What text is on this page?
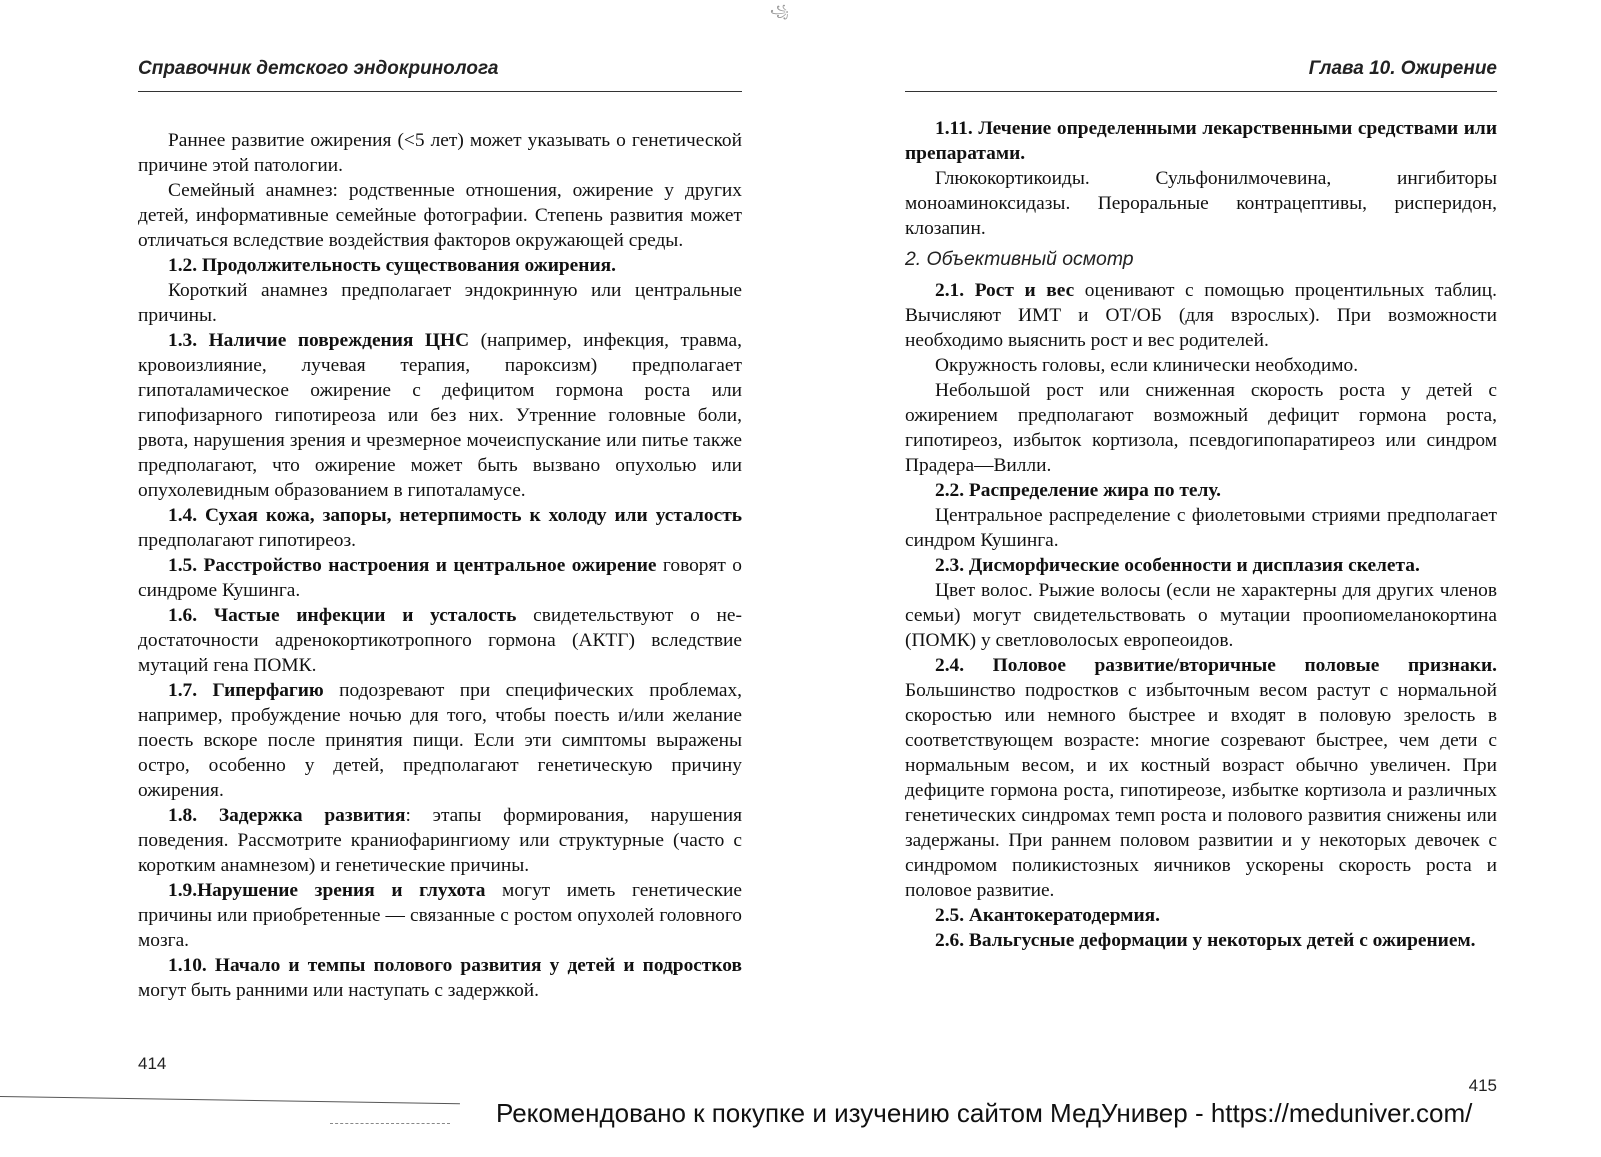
꧁
Справочник детского эндокринолога

Раннее развитие ожирения (<5 лет) может указывать о генетической причине этой патологии.

Семейный анамнез: родственные отношения, ожирение у других детей, информативные семейные фотографии. Степень развития может отличаться вследствие воздействия факторов окружающей среды.

1.2. Продолжительность существования ожирения.

Короткий анамнез предполагает эндокринную или центральные причины.

1.3. Наличие повреждения ЦНС (например, инфекция, травма, кровоизлияние, лучевая терапия, пароксизм) предполагает гипоталамическое ожирение с дефицитом гормона роста или гипофизарного гипотиреоза или без них. Утренние головные боли, рвота, нарушения зрения и чрезмерное мочеиспускание или питье также предполагают, что ожирение может быть вызвано опухолью или опухолевидным образованием в гипоталамусе.

1.4. Сухая кожа, запоры, нетерпимость к холоду или усталость предполагают гипотиреоз.

1.5. Расстройство настроения и центральное ожирение говорят о синдроме Кушинга.

1.6. Частые инфекции и усталость свидетельствуют о недостаточности адренокортикотропного гормона (АКТГ) вследствие мутаций гена ПОМК.

1.7. Гиперфагию подозревают при специфических проблемах, например, пробуждение ночью для того, чтобы поесть и/или желание поесть вскоре после принятия пищи. Если эти симптомы выражены остро, особенно у детей, предполагают генетическую причину ожирения.

1.8. Задержка развития: этапы формирования, нарушения поведения. Рассмотрите краниофарингиому или структурные (часто с коротким анамнезом) и генетические причины.

1.9.Нарушение зрения и глухота могут иметь генетические причины или приобретенные — связанные с ростом опухолей головного мозга.

1.10. Начало и темпы полового развития у детей и подростков могут быть ранними или наступать с задержкой.

414
Глава 10. Ожирение

1.11. Лечение определенными лекарственными средствами или препаратами.

Глюкокортикоиды. Сульфонилмочевина, ингибиторы моноаминоксидазы. Пероральные контрацептивы, рисперидон, клозапин.

2. Объективный осмотр

2.1. Рост и вес оценивают с помощью процентильных таблиц. Вычисляют ИМТ и ОТ/ОБ (для взрослых). При возможности необходимо выяснить рост и вес родителей.

Окружность головы, если клинически необходимо.

Небольшой рост или сниженная скорость роста у детей с ожирением предполагают возможный дефицит гормона роста, гипотиреоз, избыток кортизола, псевдогипопаратиреоз или синдром Прадера—Вилли.

2.2. Распределение жира по телу.

Центральное распределение с фиолетовыми стриями предполагает синдром Кушинга.

2.3. Дисморфические особенности и дисплазия скелета.

Цвет волос. Рыжие волосы (если не характерны для других членов семьи) могут свидетельствовать о мутации проопиомеланокортина (ПОМК) у светловолосых европеоидов.

2.4. Половое развитие/вторичные половые признаки. Большинство подростков с избыточным весом растут с нормальной скоростью или немного быстрее и входят в половую зрелость в соответствующем возрасте: многие созревают быстрее, чем дети с нормальным весом, и их костный возраст обычно увеличен. При дефиците гормона роста, гипотиреозе, избытке кортизола и различных генетических синдромах темп роста и полового развития снижены или задержаны. При раннем половом развитии и у некоторых девочек с синдромом поликистозных яичников ускорены скорость роста и половое развитие.

2.5. Акантокератодермия.

2.6. Вальгусные деформации у некоторых детей с ожирением.

415
Рекомендовано к покупке и изучению сайтом МедУнивер - https://meduniver.com/
